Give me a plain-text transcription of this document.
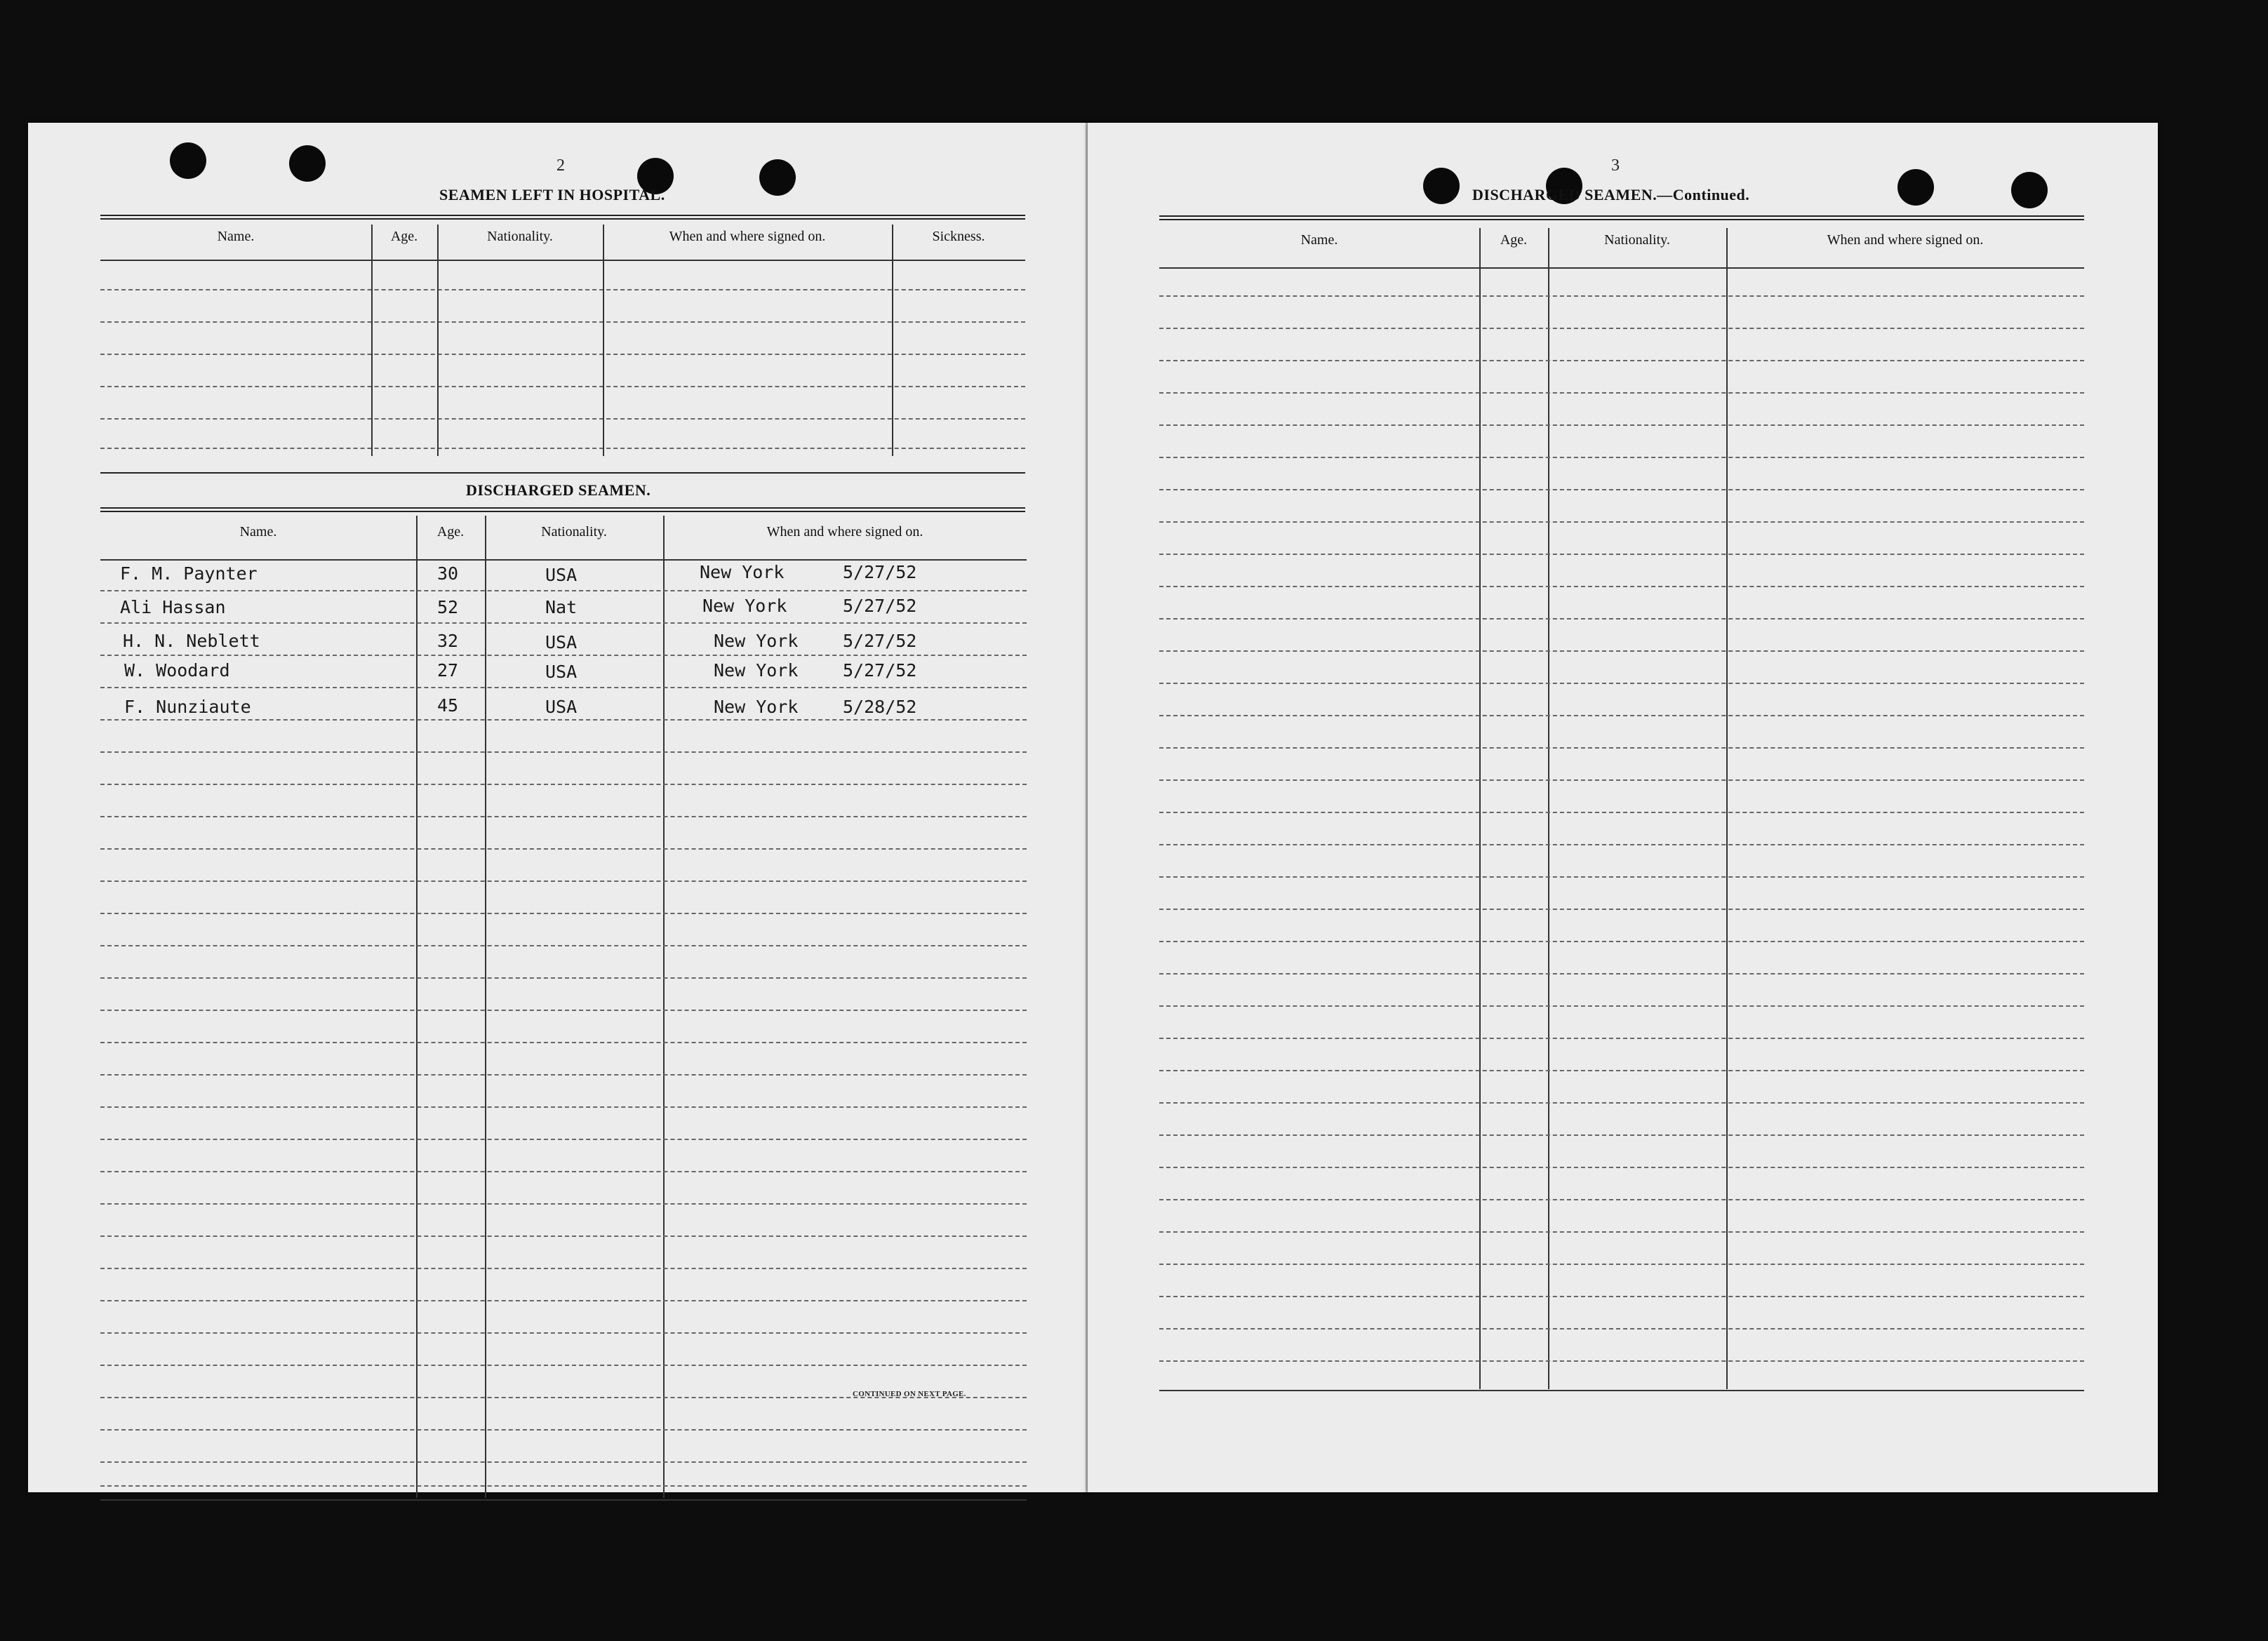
2
SEAMEN LEFT IN HOSPITAL.
Name.	Age.	Nationality.	When and where signed on.	Sickness.
DISCHARGED SEAMEN.
Name.	Age.	Nationality.	When and where signed on.
F. M. Paynter	30	USA	New York	5/27/52
Ali Hassan	52	Nat	New York	5/27/52
H. N. Neblett	32	USA	New York	5/27/52
W. Woodard	27	USA	New York	5/27/52
F. Nunziaute	45	USA	New York	5/28/52
CONTINUED ON NEXT PAGE.
3
DISCHARGED SEAMEN.—Continued.
Name.	Age.	Nationality.	When and where signed on.
